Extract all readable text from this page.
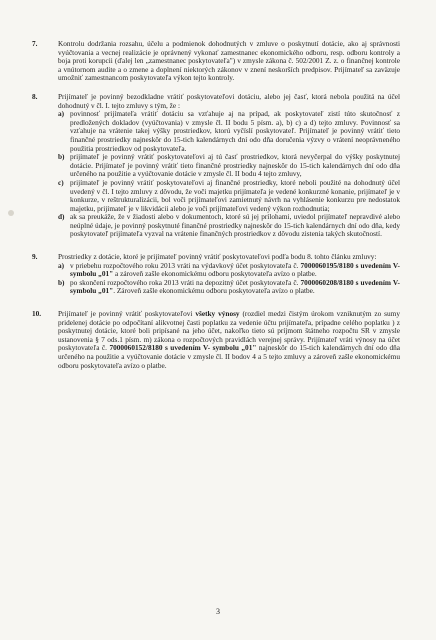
7.	Kontrolu dodržania rozsahu, účelu a podmienok dohodnutých v zmluve o poskytnutí dotácie, ako aj správnosti vyúčtovania a vecnej realizácie je oprávnený vykonať zamestnanec ekonomického odboru, resp. odboru kontroly a boja proti korupcii (ďalej len „zamestnanec poskytovateľa") v zmysle zákona č. 502/2001 Z. z. o finančnej kontrole a vnútornom audite a o zmene a doplnení niektorých zákonov v znení neskorších predpisov. Prijímateľ sa zaväzuje umožniť zamestnancom poskytovateľa výkon tejto kontroly.
8.	Prijímateľ je povinný bezodkladne vrátiť poskytovateľovi dotáciu, alebo jej časť, ktorá nebola použitá na účel dohodnutý v čl. I. tejto zmluvy s tým, že :
a) povinnosť prijímateľa vrátiť dotáciu sa vzťahuje aj na prípad, ak poskytovateľ zistí túto skutočnosť z predložených dokladov (vyúčtovania) v zmysle čl. II bodu 5 písm. a), b) c) a d) tejto zmluvy. Povinnosť sa vzťahuje na vrátenie takej výšky prostriedkov, ktorú vyčíslí poskytovateľ. Prijímateľ je povinný vrátiť tieto finančné prostriedky najneskôr do 15-tich kalendárnych dní odo dňa doručenia výzvy o vrátení neoprávneného použitia prostriedkov od poskytovateľa.
b) prijímateľ je povinný vrátiť poskytovateľovi aj tú časť prostriedkov, ktorá nevyčerpal do výšky poskytnutej dotácie. Prijímateľ je povinný vrátiť tieto finančné prostriedky najneskôr do 15-tich kalendárnych dní odo dňa určeného na použitie a vyúčtovanie dotácie v zmysle čl. II bodu 4 tejto zmluvy,
c) prijímateľ je povinný vrátiť poskytovateľovi aj finančné prostriedky, ktoré neboli použité na dohodnutý účel uvedený v čl. I tejto zmluvy z dôvodu, že voči majetku prijímateľa je vedené konkurzné konanie, prijímateľ je v konkurze, v reštrukturalizácii, bol voči prijímateľovi zamietnutý návrh na vyhlásenie konkurzu pre nedostatok majetku, prijímateľ je v likvidácii alebo je voči prijímateľovi vedený výkon rozhodnutia;
d) ak sa preukáže, že v žiadosti alebo v dokumentoch, ktoré sú jej prílohami, uviedol prijímateľ nepravdivé alebo neúplné údaje, je povinný poskytnuté finančné prostriedky najneskôr do 15-tich kalendárnych dní odo dňa, kedy poskytovateľ prijímateľa vyzval na vrátenie finančných prostriedkov z dôvodu zistenia takých skutočností.
9.	Prostriedky z dotácie, ktoré je prijímateľ povinný vrátiť poskytovateľovi podľa bodu 8. tohto článku zmluvy:
a) v priebehu rozpočtového roku 2013 vráti na výdavkový účet poskytovateľa č. 7000060195/8180 s uvedením V- symbolu „01" a zároveň zašle ekonomickému odboru poskytovateľa avízo o platbe.
b) po skončení rozpočtového roka 2013 vráti na depozitný účet poskytovateľa č. 7000060208/8180 s uvedením V- symbolu „01". Zároveň zašle ekonomickému odboru poskytovateľa avízo o platbe.
10. Prijímateľ je povinný vrátiť poskytovateľovi všetky výnosy (rozdiel medzi čistým úrokom vzniknutým zo sumy pridelenej dotácie po odpočítaní alikvotnej časti poplatku za vedenie účtu prijímateľa, prípadne celého poplatku ) z poskytnutej dotácie, ktoré boli pripísané na jeho účet, nakoľko tieto sú príjmom štátneho rozpočtu SR v zmysle ustanovenia § 7 ods.1 písm. m) zákona o rozpočtových pravidlách verejnej správy. Prijímateľ vráti výnosy na účet poskytovateľa č. 7000060152/8180 s uvedením V- symbolu „01" najneskôr do 15-tich kalendárnych dní odo dňa určeného na použitie a vyúčtovanie dotácie v zmysle čl. II bodov 4 a 5 tejto zmluvy a zároveň zašle ekonomickému odboru poskytovateľa avízo o platbe.
3
